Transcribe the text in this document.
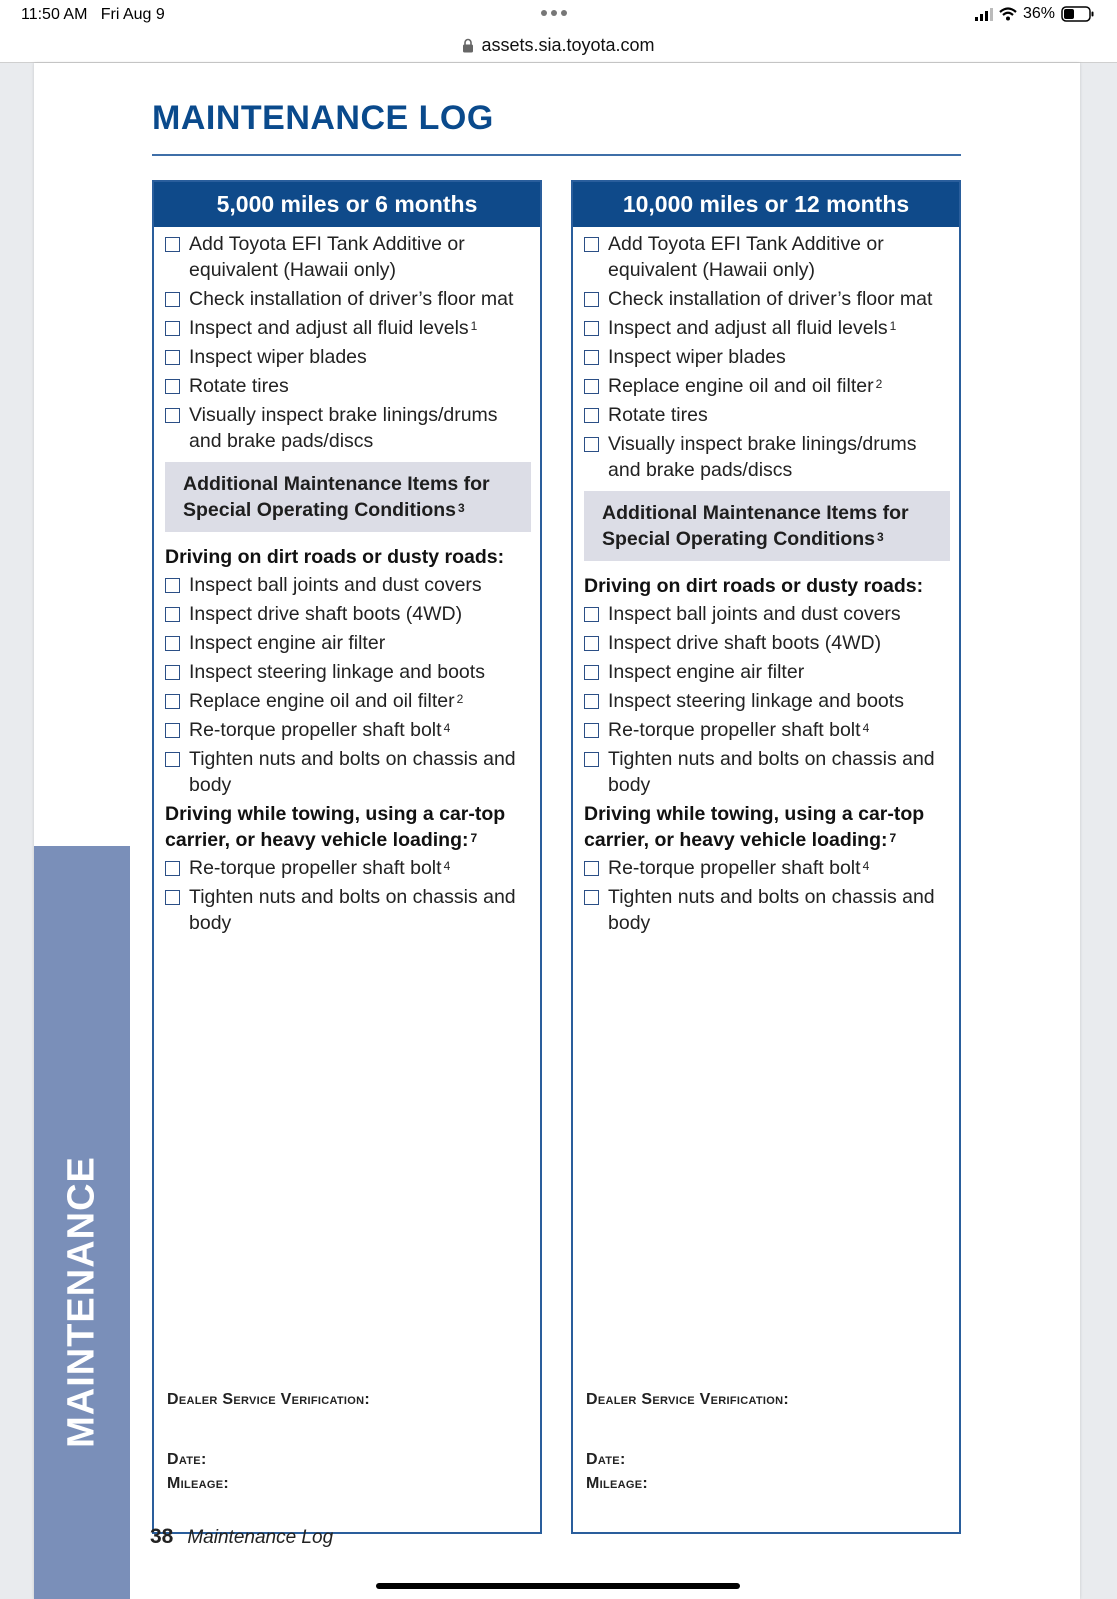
11:50 AM Fri Aug 9	36%
assets.sia.toyota.com
MAINTENANCE
MAINTENANCE LOG
5,000 miles or 6 months
Add Toyota EFI Tank Additive or equivalent (Hawaii only)
Check installation of driver’s floor mat
Inspect and adjust all fluid levels $^1$
Inspect wiper blades
Rotate tires
Visually inspect brake linings/drums and brake pads/discs
Additional Maintenance Items for Special Operating Conditions $^3$
Driving on dirt roads or dusty roads:
Inspect ball joints and dust covers
Inspect drive shaft boots (4WD)
Inspect engine air filter
Inspect steering linkage and boots
Replace engine oil and oil filter $^2$
Re-torque propeller shaft bolt $^4$
Tighten nuts and bolts on chassis and body
Driving while towing, using a car-top carrier, or heavy vehicle loading: $^7$
Re-torque propeller shaft bolt $^4$
Tighten nuts and bolts on chassis and body
Dealer Service Verification:
Date:
Mileage:
10,000 miles or 12 months
Add Toyota EFI Tank Additive or equivalent (Hawaii only)
Check installation of driver’s floor mat
Inspect and adjust all fluid levels $^1$
Inspect wiper blades
Replace engine oil and oil filter $^2$
Rotate tires
Visually inspect brake linings/drums and brake pads/discs
Additional Maintenance Items for Special Operating Conditions $^3$
Driving on dirt roads or dusty roads:
Inspect ball joints and dust covers
Inspect drive shaft boots (4WD)
Inspect engine air filter
Inspect steering linkage and boots
Re-torque propeller shaft bolt $^4$
Tighten nuts and bolts on chassis and body
Driving while towing, using a car-top carrier, or heavy vehicle loading: $^7$
Re-torque propeller shaft bolt $^4$
Tighten nuts and bolts on chassis and body
Dealer Service Verification:
Date:
Mileage:
38 Maintenance Log
